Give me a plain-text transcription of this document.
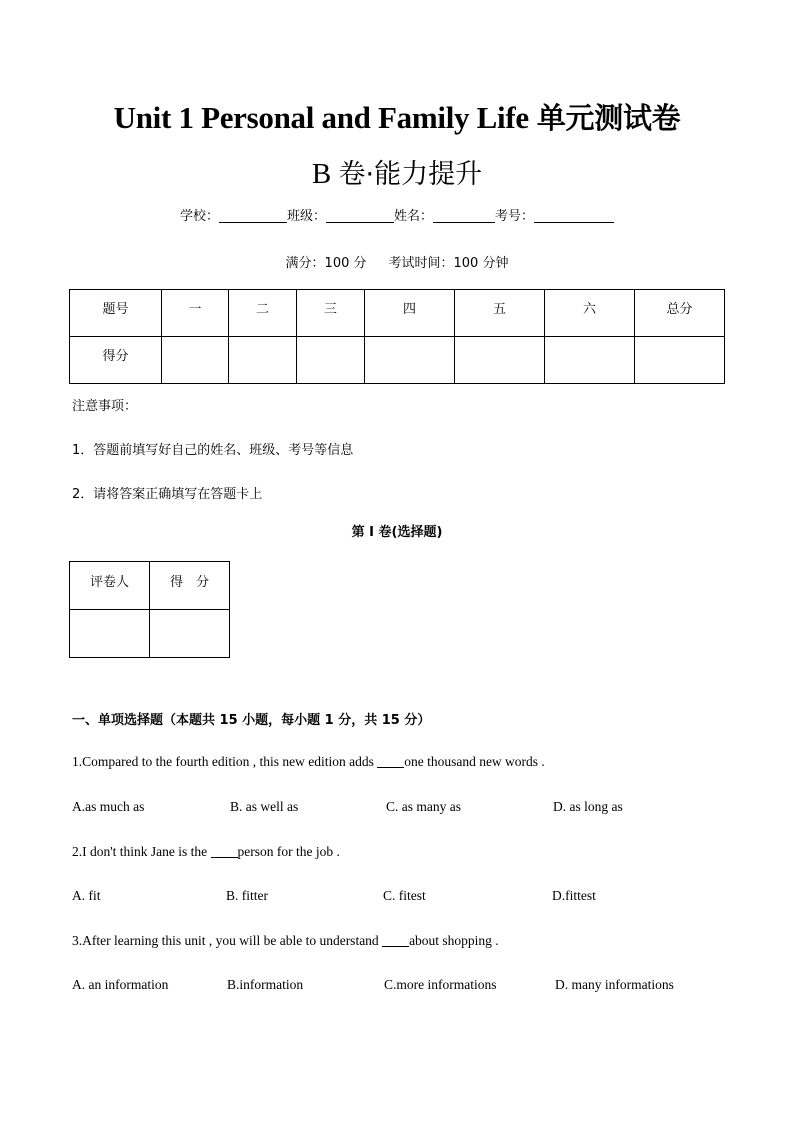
Unit 1 Personal and Family Life 单元测试卷
B 卷·能力提升
学校：	班级：	姓名：	考号：
满分：100 分 考试时间：100 分钟
题号	一	二	三	四	五	六	总分
得分							
注意事项：
1．答题前填写好自己的姓名、班级、考号等信息
2．请将答案正确填写在答题卡上
第 I 卷(选择题)
评卷人	得　分

一、单项选择题（本题共 15 小题，每小题 1 分，共 15 分）
1.Compared to the fourth edition , this new edition adds one thousand new words .
A.as much as	B. as well as	C. as many as	D. as long as
2.I don't think Jane is the person for the job .
A. fit	B. fitter	C. fitest	D.fittest
3.After learning this unit , you will be able to understand about shopping .
A. an information	B.information	C.more informations	D. many informations
